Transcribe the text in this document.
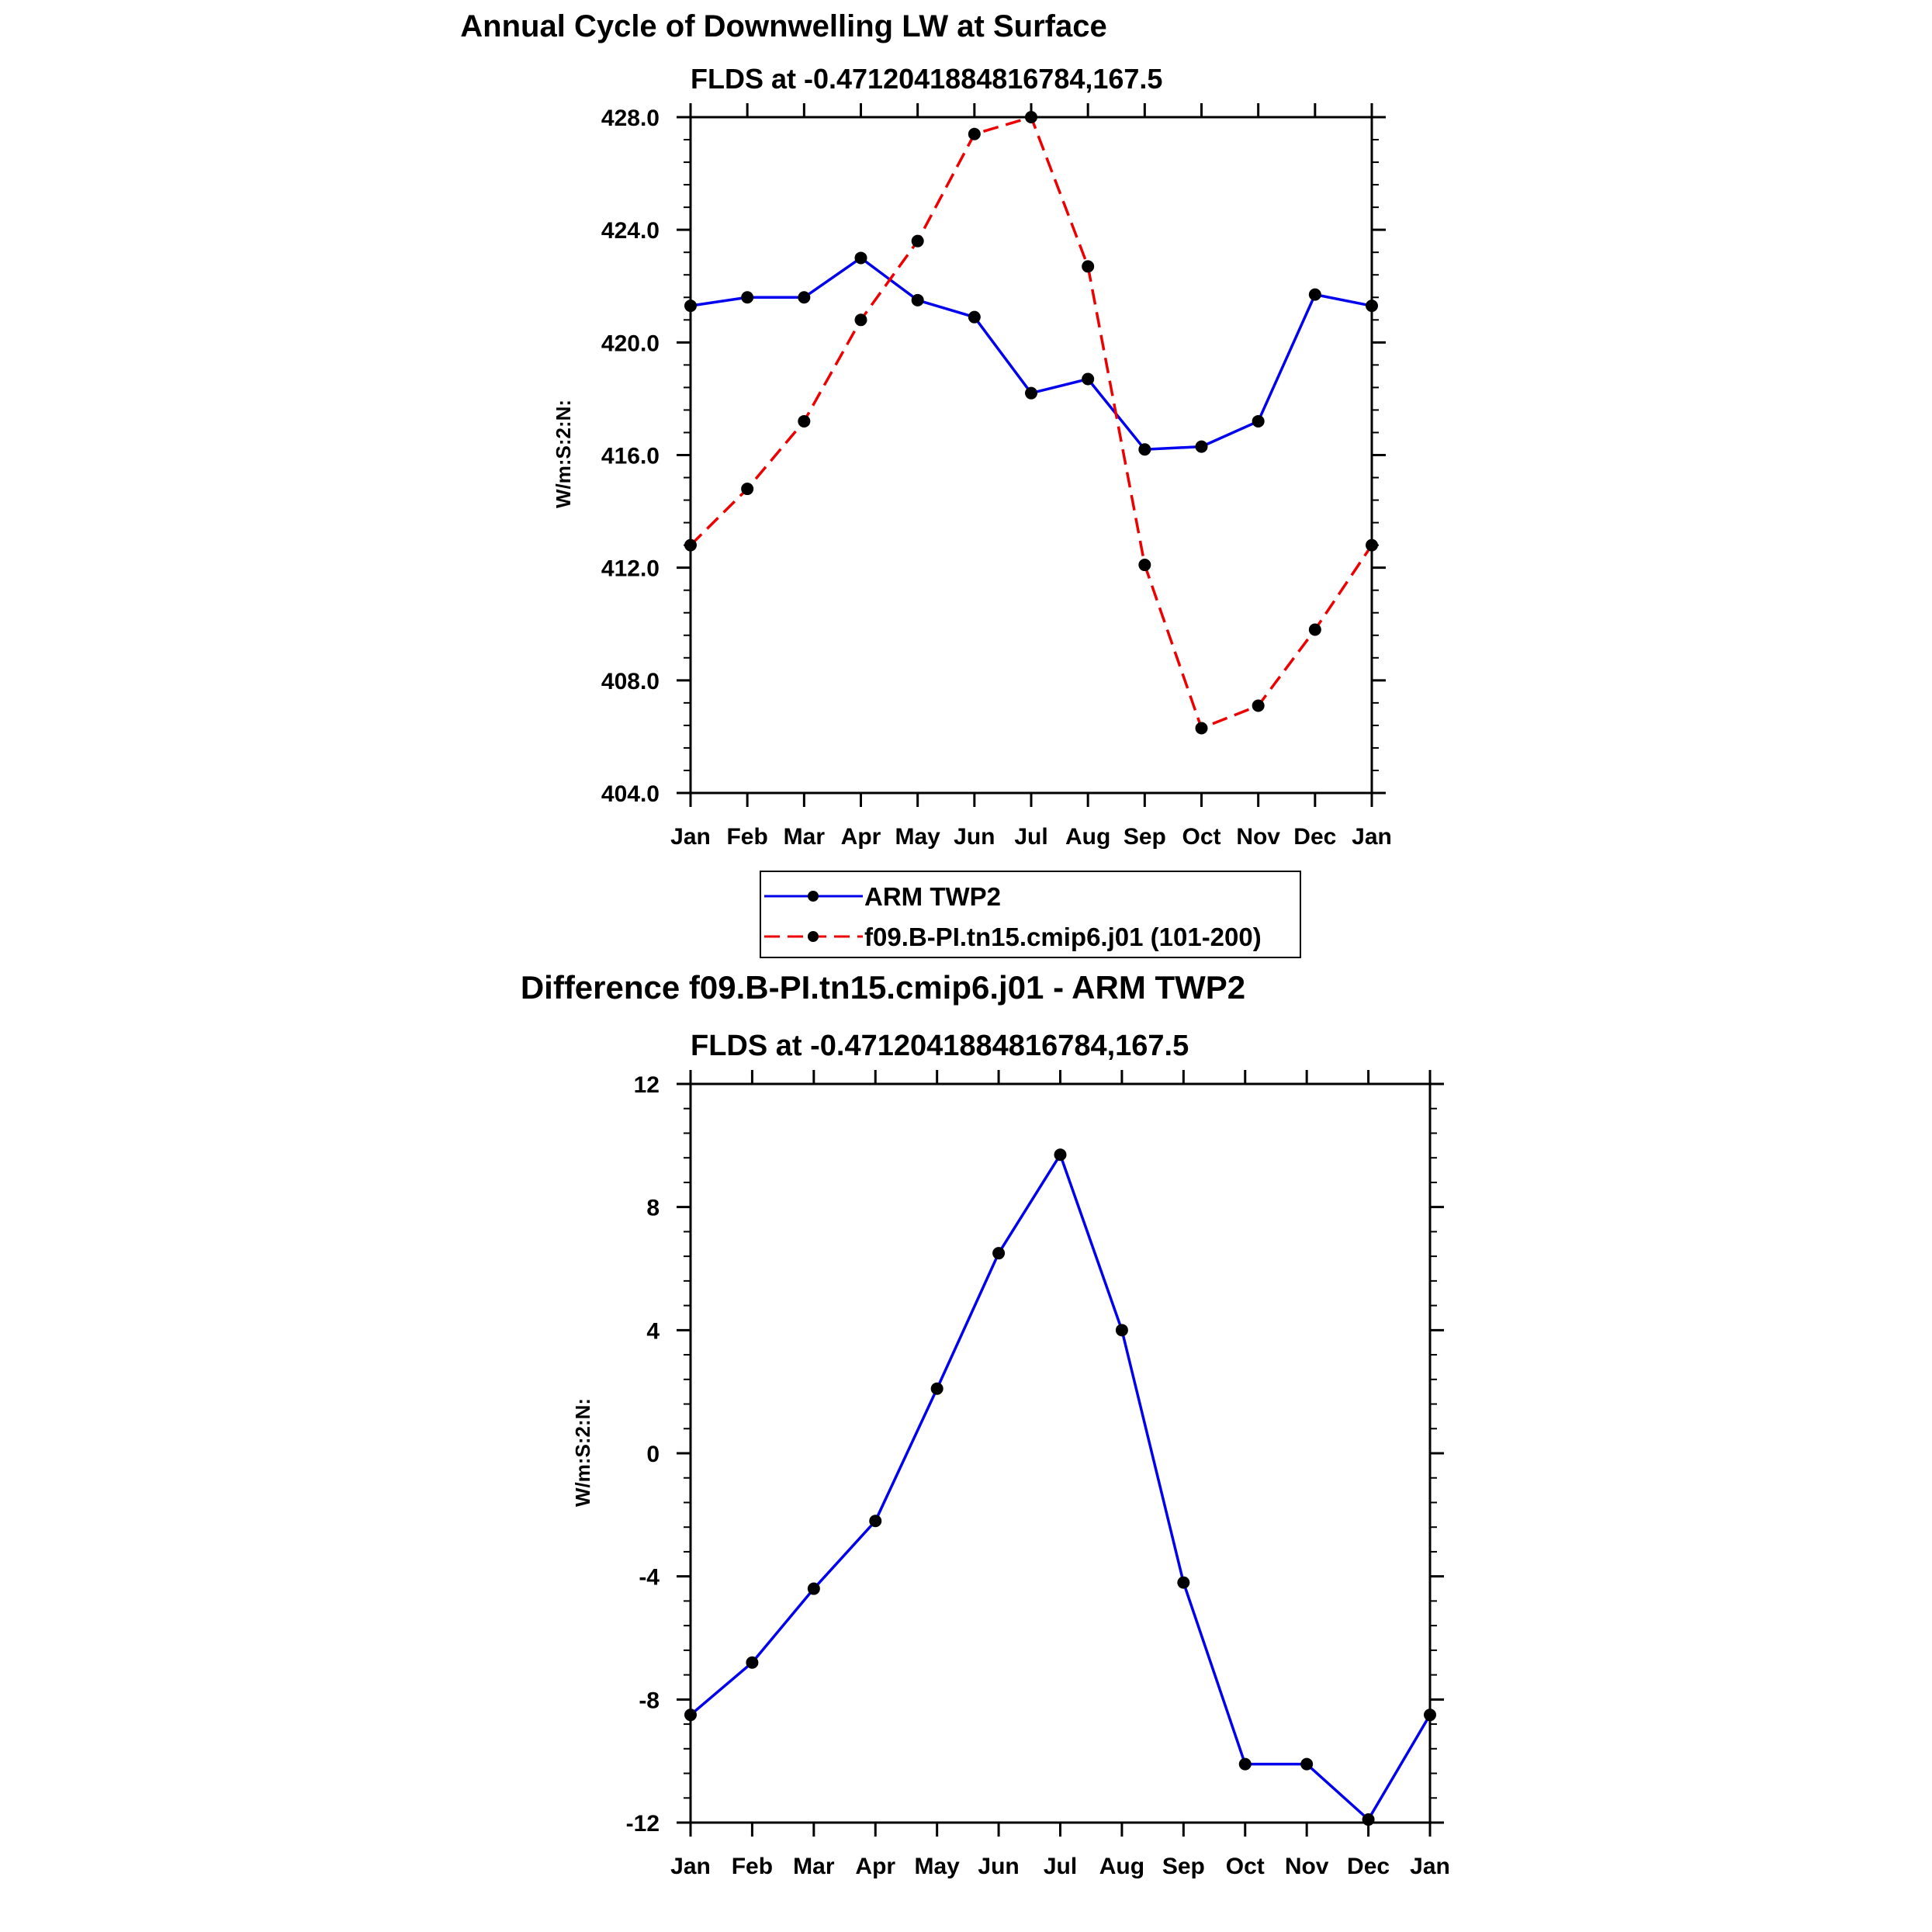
Annual Cycle of Downwelling LW at Surface
FLDS at -0.4712041884816784,167.5
W/m:S:2:N:
404.0
408.0
412.0
416.0
420.0
424.0
428.0
Jan Feb Mar Apr May Jun Jul Aug Sep Oct Nov Dec Jan
ARM TWP2
f09.B-PI.tn15.cmip6.j01 (101-200)
Difference f09.B-PI.tn15.cmip6.j01 - ARM TWP2
FLDS at -0.4712041884816784,167.5
W/m:S:2:N:
-12
-8
-4
0
4
8
12
Jan Feb Mar Apr May Jun Jul Aug Sep Oct Nov Dec Jan
